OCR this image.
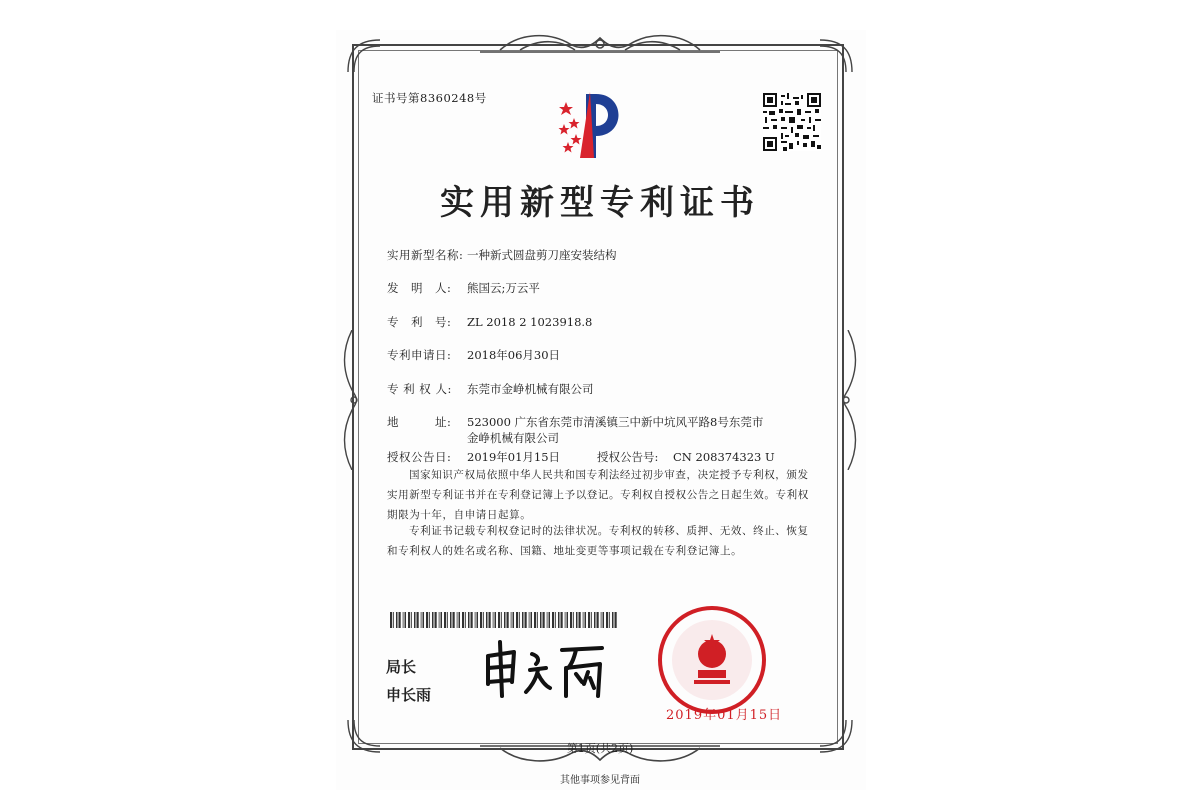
证书号第8360248号
实用新型专利证书
实用新型名称: 一种新式圆盘剪刀座安装结构
发　明　人: 熊国云;万云平
专　利　号: ZL 2018 2 1023918.8
专利申请日: 2018年06月30日
专 利 权 人: 东莞市金峥机械有限公司
地　　　址: 523000 广东省东莞市清溪镇三中新中坑风平路8号东莞市
金峥机械有限公司
授权公告日: 2019年01月15日	授权公告号: CN 208374323 U
国家知识产权局依照中华人民共和国专利法经过初步审查，决定授予专利权，颁发实用新型专利证书并在专利登记簿上予以登记。专利权自授权公告之日起生效。专利权期限为十年，自申请日起算。
专利证书记载专利权登记时的法律状况。专利权的转移、质押、无效、终止、恢复和专利权人的姓名或名称、国籍、地址变更等事项记载在专利登记簿上。
局长
申长雨
2019年01月15日
第1页(共2页)
其他事项参见背面
